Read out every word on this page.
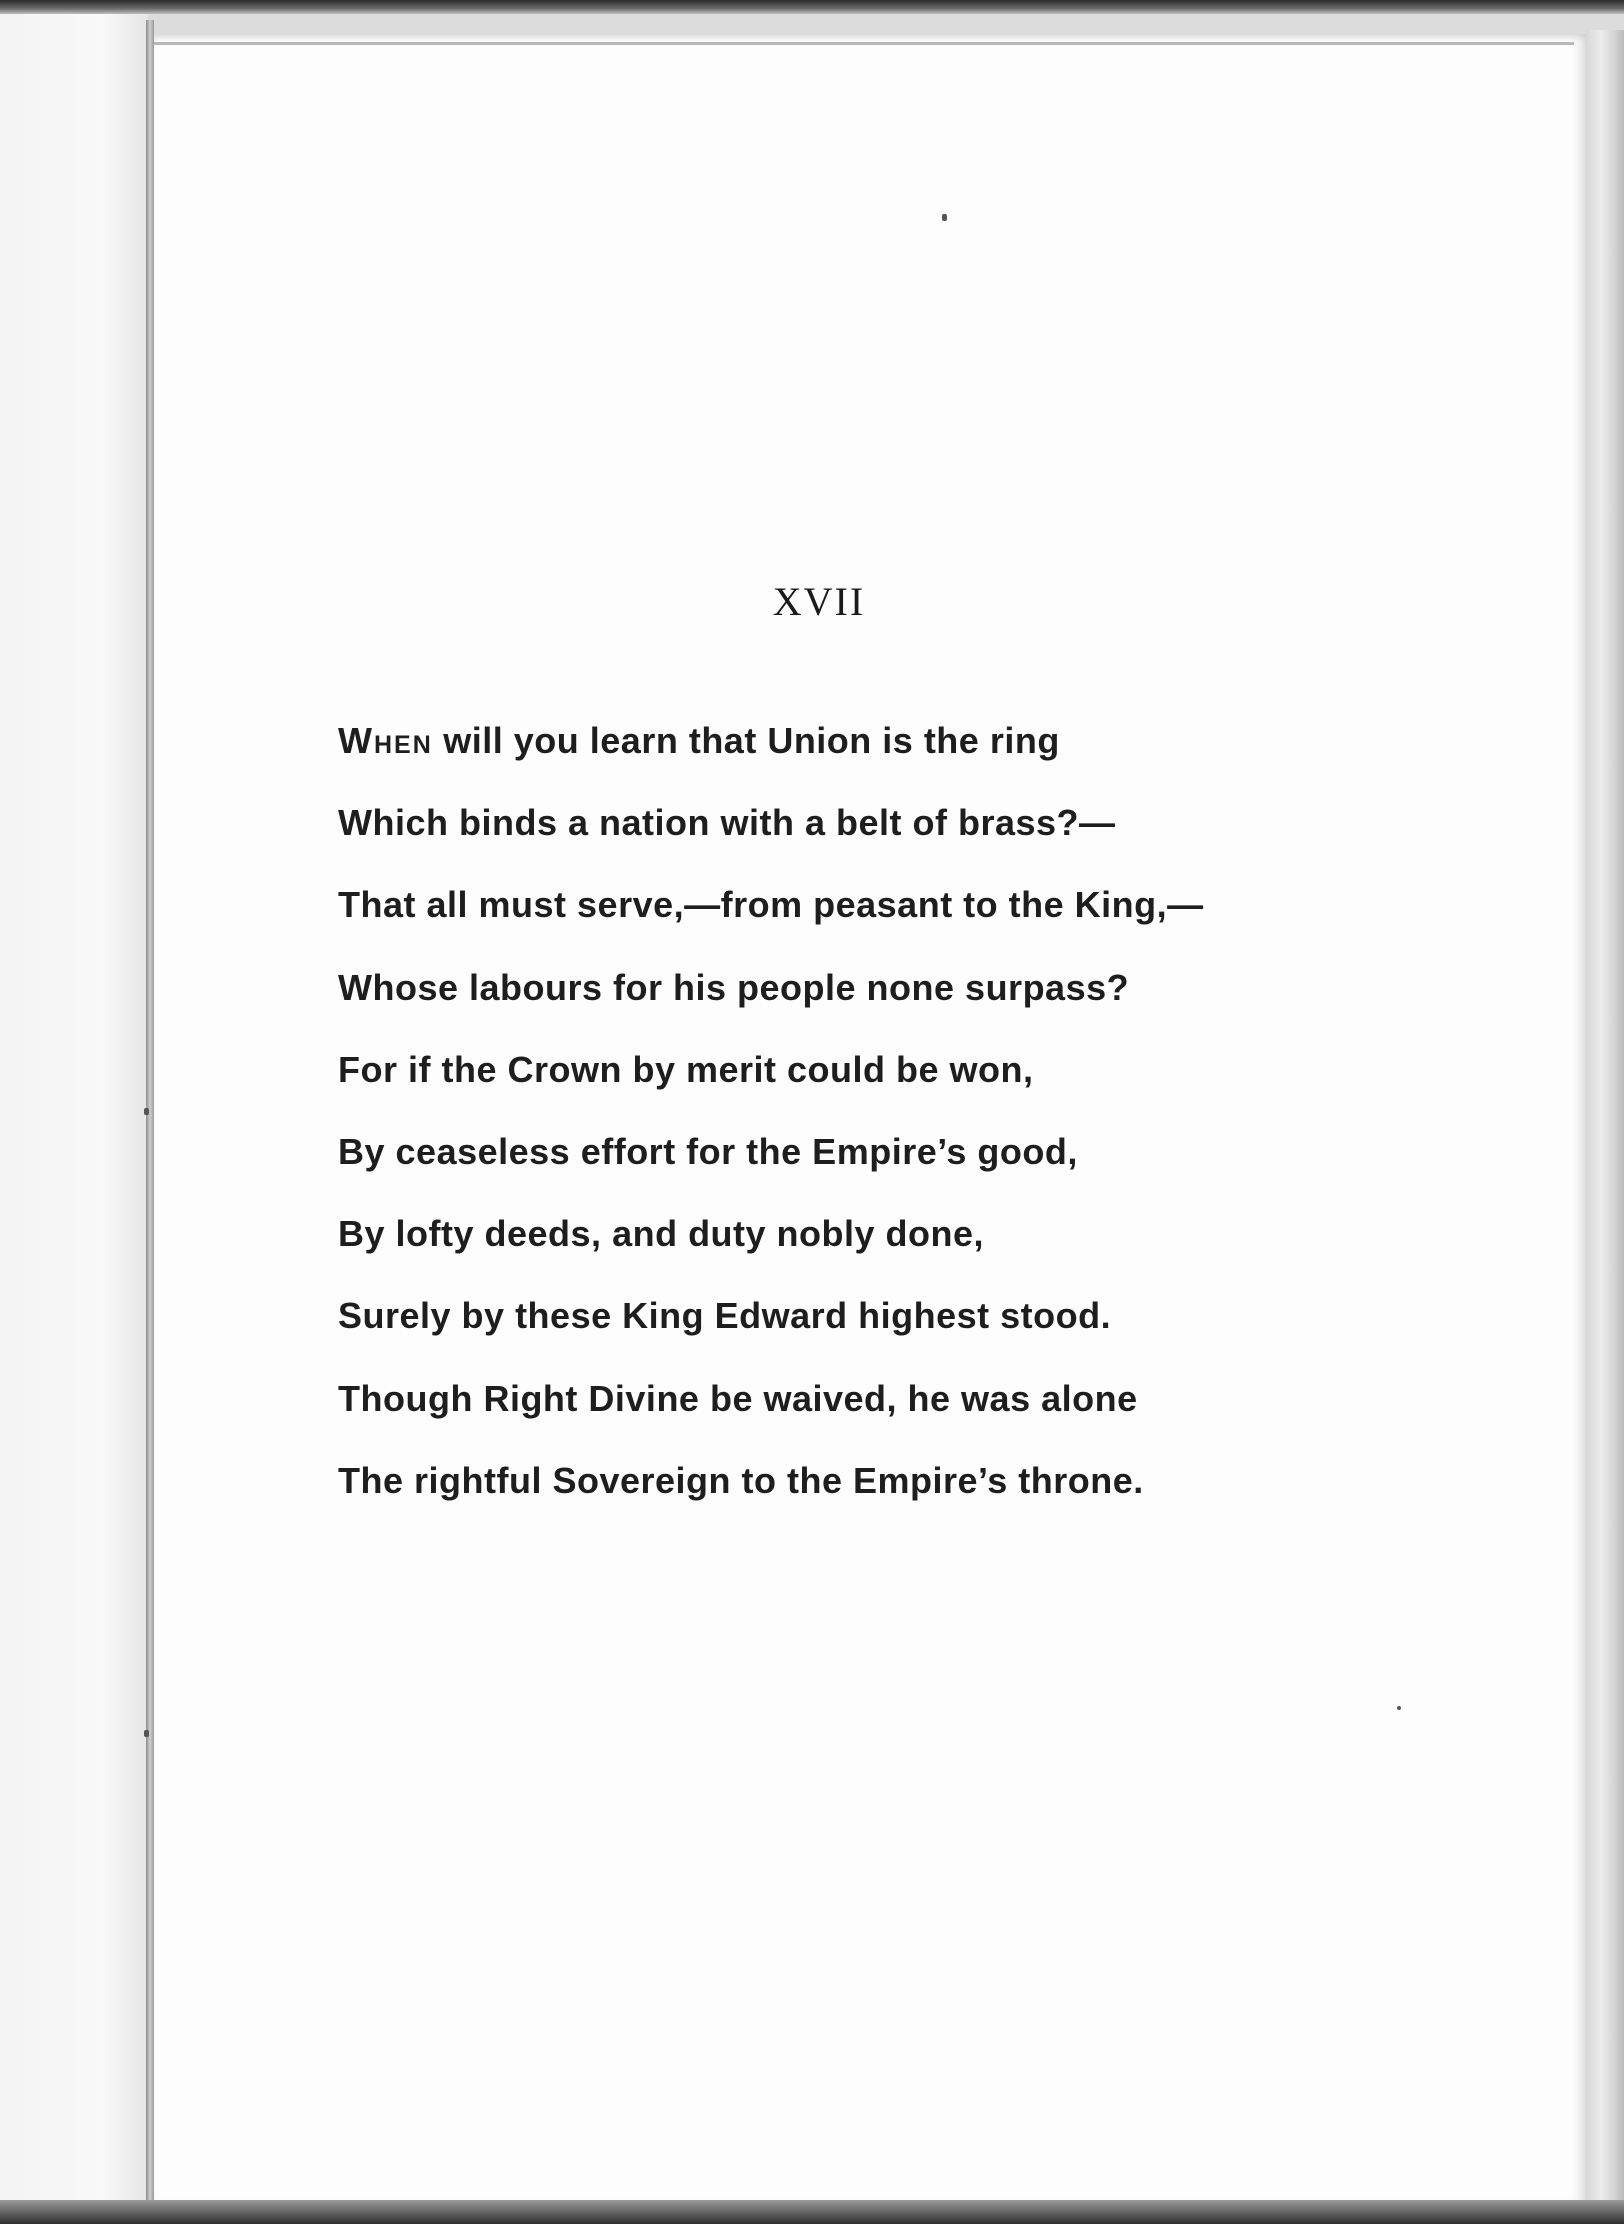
XVII
When will you learn that Union is the ring
Which binds a nation with a belt of brass?—
That all must serve,—from peasant to the King,—
Whose labours for his people none surpass?
For if the Crown by merit could be won,
By ceaseless effort for the Empire’s good,
By lofty deeds, and duty nobly done,
Surely by these King Edward highest stood.
Though Right Divine be waived, he was alone
The rightful Sovereign to the Empire’s throne.
